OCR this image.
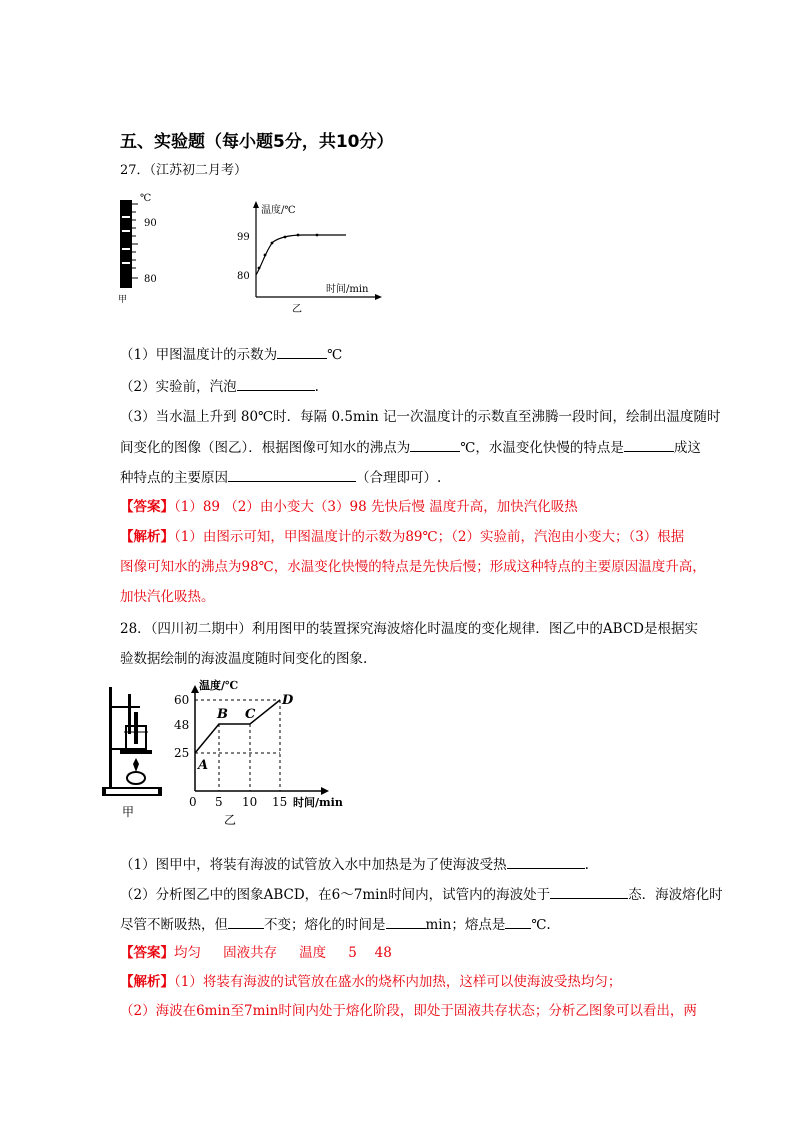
五、实验题（每小题5分，共10分）
27．（江苏初二月考）
℃
90
80
甲
温度/℃
99
80
时间/min
乙
（1）甲图温度计的示数为	℃
（2）实验前，汽泡	.
（3）当水温上升到 80℃时．每隔 0.5min 记一次温度计的示数直至沸腾一段时间，绘制出温度随时
间变化的图像（图乙）．根据图像可知水的沸点为	℃，水温变化快慢的特点是	成这
种特点的主要原因	（合理即可）.
【答案】（1）89 （2）由小变大（3）98 先快后慢 温度升高，加快汽化吸热
【解析】（1）由图示可知，甲图温度计的示数为89℃；（2）实验前，汽泡由小变大；（3）根据
图像可知水的沸点为98℃，水温变化快慢的特点是先快后慢；形成这种特点的主要原因温度升高，
加快汽化吸热。
28．（四川初二期中）利用图甲的装置探究海波熔化时温度的变化规律．图乙中的ABCD是根据实
验数据绘制的海波温度随时间变化的图象.
甲
温度/℃
60
48
25
A
B C
D
0 5 10 15 时间/min
乙
（1）图甲中，将装有海波的试管放入水中加热是为了使海波受热	.
（2）分析图乙中的图象ABCD，在6～7min时间内，试管内的海波处于	态．海波熔化时
尽管不断吸热，但	不变；熔化的时间是	min；熔点是 ℃.
【答案】均匀 　 固液共存 　 温度 　 5　 48
【解析】（1）将装有海波的试管放在盛水的烧杯内加热，这样可以使海波受热均匀；
（2）海波在6min至7min时间内处于熔化阶段，即处于固液共存状态；分析乙图象可以看出，两
